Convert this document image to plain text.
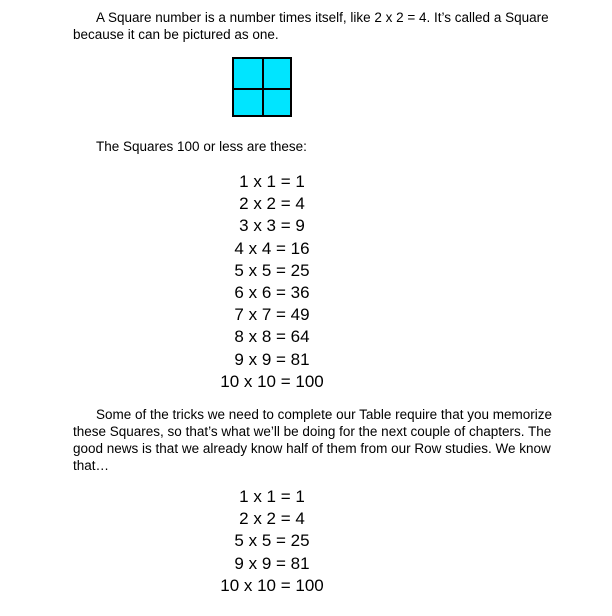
A Square number is a number times itself, like 2 x 2 = 4. It’s called a Square because it can be pictured as one.

The Squares 100 or less are these:

1 x 1 = 1
2 x 2 = 4
3 x 3 = 9
4 x 4 = 16
5 x 5 = 25
6 x 6 = 36
7 x 7 = 49
8 x 8 = 64
9 x 9 = 81
10 x 10 = 100

Some of the tricks we need to complete our Table require that you memorize these Squares, so that’s what we’ll be doing for the next couple of chapters. The good news is that we already know half of them from our Row studies. We know that…

1 x 1 = 1
2 x 2 = 4
5 x 5 = 25
9 x 9 = 81
10 x 10 = 100
